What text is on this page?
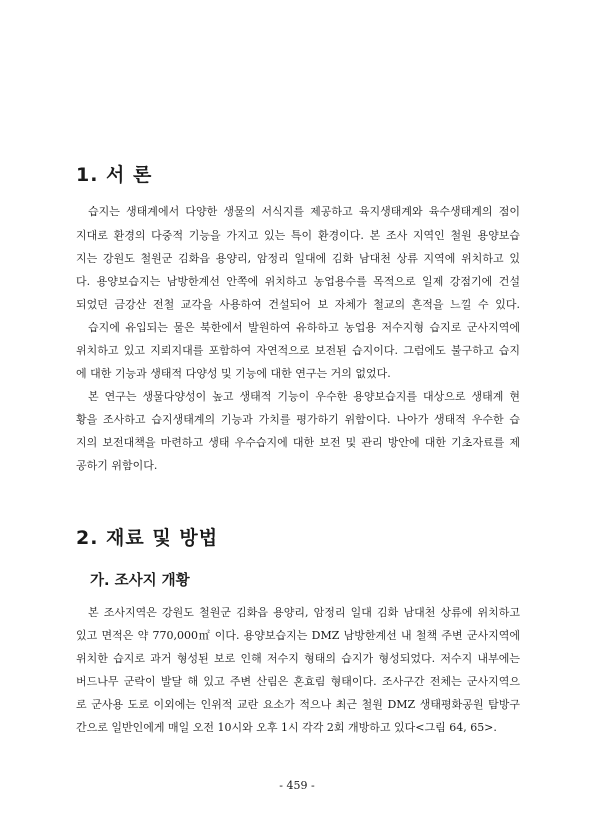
1. 서 론
습지는 생태계에서 다양한 생물의 서식지를 제공하고 육지생태계와 육수생태계의 점이
지대로 환경의 다중적 기능을 가지고 있는 특이 환경이다. 본 조사 지역인 철원 용양보습
지는 강원도 철원군 김화읍 용양리, 암정리 일대에 김화 남대천 상류 지역에 위치하고 있
다. 용양보습지는 남방한계선 안쪽에 위치하고 농업용수를 목적으로 일제 강점기에 건설
되었던 금강산 전철 교각을 사용하여 건설되어 보 자체가 철교의 흔적을 느낄 수 있다.
습지에 유입되는 물은 북한에서 발원하여 유하하고 농업용 저수지형 습지로 군사지역에
위치하고 있고 지뢰지대를 포함하여 자연적으로 보전된 습지이다. 그럼에도 불구하고 습지
에 대한 기능과 생태적 다양성 및 기능에 대한 연구는 거의 없었다.
본 연구는 생물다양성이 높고 생태적 기능이 우수한 용양보습지를 대상으로 생태계 현
황을 조사하고 습지생태계의 기능과 가치를 평가하기 위함이다. 나아가 생태적 우수한 습
지의 보전대책을 마련하고 생태 우수습지에 대한 보전 및 관리 방안에 대한 기초자료를 제
공하기 위함이다.
2. 재료 및 방법
가. 조사지 개황
본 조사지역은 강원도 철원군 김화읍 용양리, 암정리 일대 김화 남대천 상류에 위치하고
있고 면적은 약 770,000㎡ 이다. 용양보습지는 DMZ 남방한계선 내 철책 주변 군사지역에
위치한 습지로 과거 형성된 보로 인해 저수지 형태의 습지가 형성되었다. 저수지 내부에는
버드나무 군락이 발달 해 있고 주변 산림은 혼효림 형태이다. 조사구간 전체는 군사지역으
로 군사용 도로 이외에는 인위적 교란 요소가 적으나 최근 철원 DMZ 생태평화공원 탐방구
간으로 일반인에게 매일 오전 10시와 오후 1시 각각 2회 개방하고 있다<그림 64, 65>.
- 459 -
